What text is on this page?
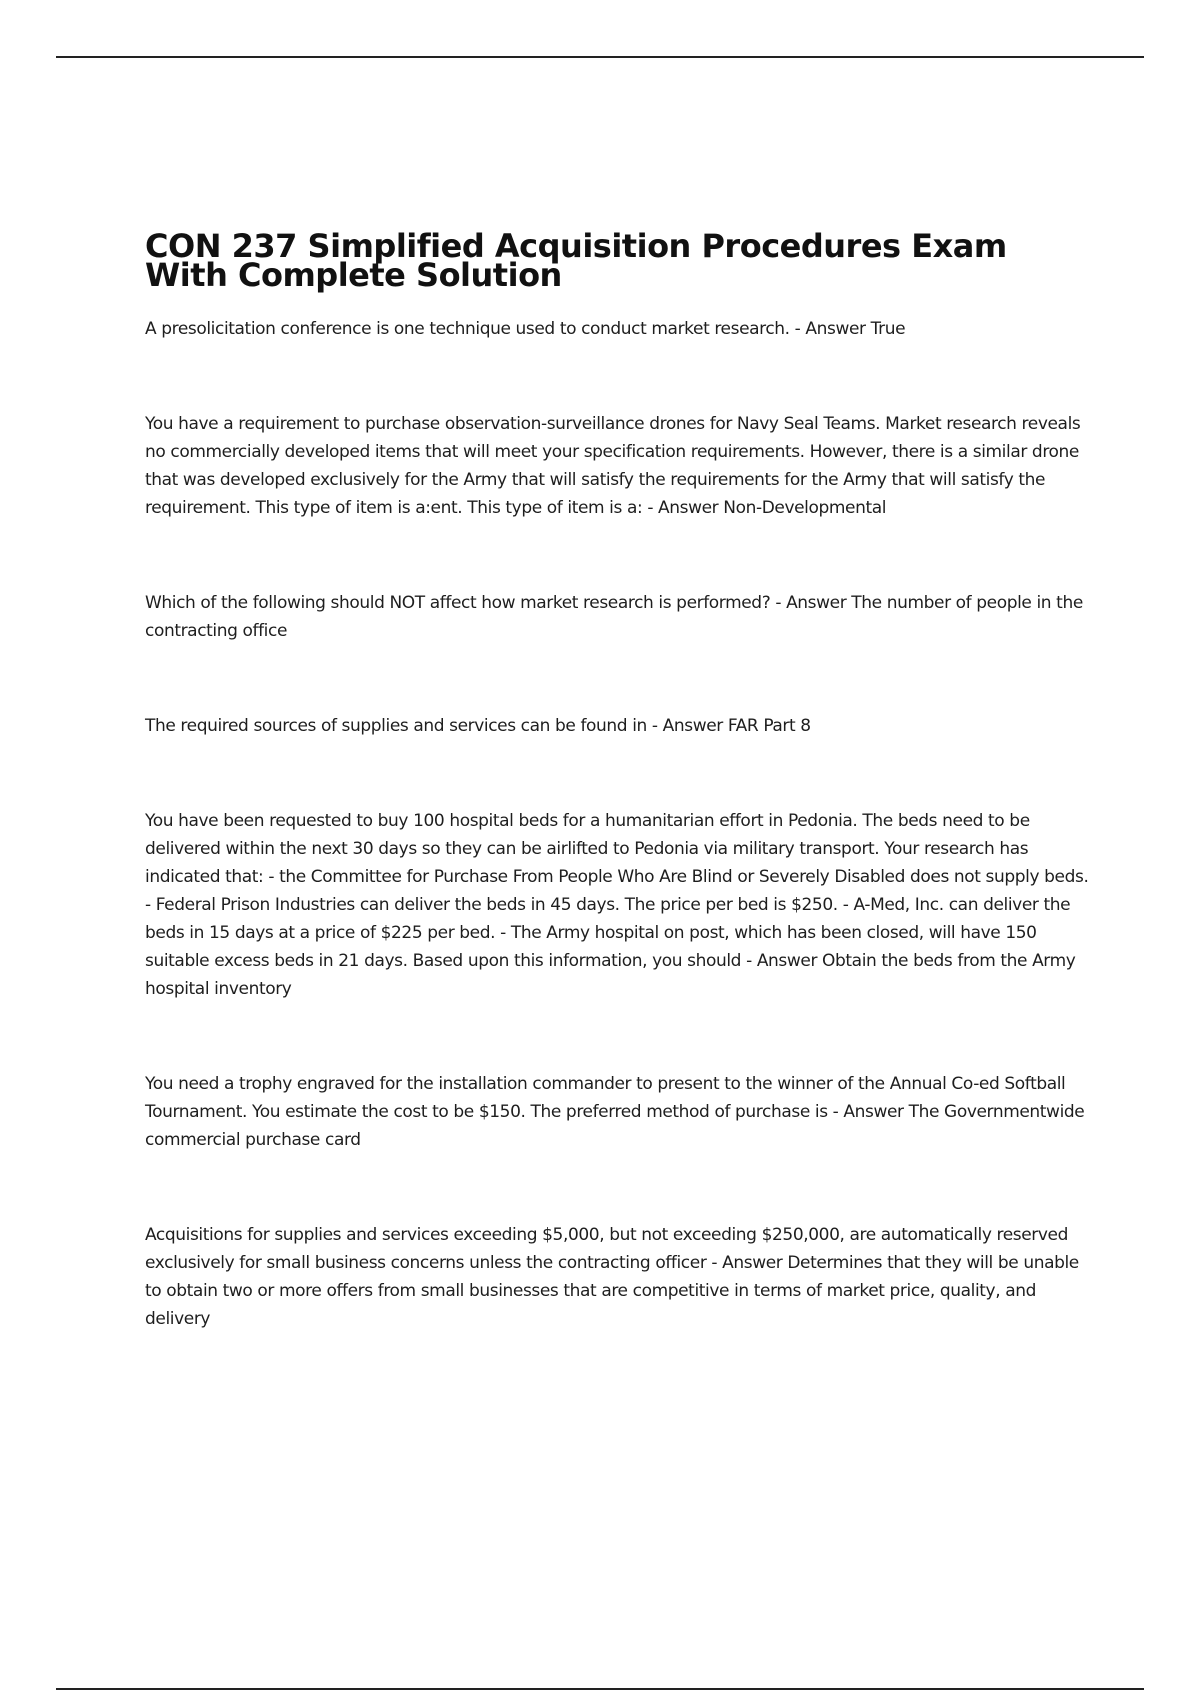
CON 237 Simplified Acquisition Procedures Exam With Complete Solution

A presolicitation conference is one technique used to conduct market research. - Answer True

You have a requirement to purchase observation-surveillance drones for Navy Seal Teams. Market research reveals no commercially developed items that will meet your specification requirements. However, there is a similar drone that was developed exclusively for the Army that will satisfy the requirements for the Army that will satisfy the requirement. This type of item is a:ent. This type of item is a: - Answer Non-Developmental

Which of the following should NOT affect how market research is performed? - Answer The number of people in the contracting office

The required sources of supplies and services can be found in - Answer FAR Part 8

You have been requested to buy 100 hospital beds for a humanitarian effort in Pedonia. The beds need to be delivered within the next 30 days so they can be airlifted to Pedonia via military transport. Your research has indicated that: - the Committee for Purchase From People Who Are Blind or Severely Disabled does not supply beds. - Federal Prison Industries can deliver the beds in 45 days. The price per bed is $250. - A-Med, Inc. can deliver the beds in 15 days at a price of $225 per bed. - The Army hospital on post, which has been closed, will have 150 suitable excess beds in 21 days. Based upon this information, you should - Answer Obtain the beds from the Army hospital inventory

You need a trophy engraved for the installation commander to present to the winner of the Annual Co-ed Softball Tournament. You estimate the cost to be $150. The preferred method of purchase is - Answer The Governmentwide commercial purchase card

Acquisitions for supplies and services exceeding $5,000, but not exceeding $250,000, are automatically reserved exclusively for small business concerns unless the contracting officer - Answer Determines that they will be unable to obtain two or more offers from small businesses that are competitive in terms of market price, quality, and delivery
